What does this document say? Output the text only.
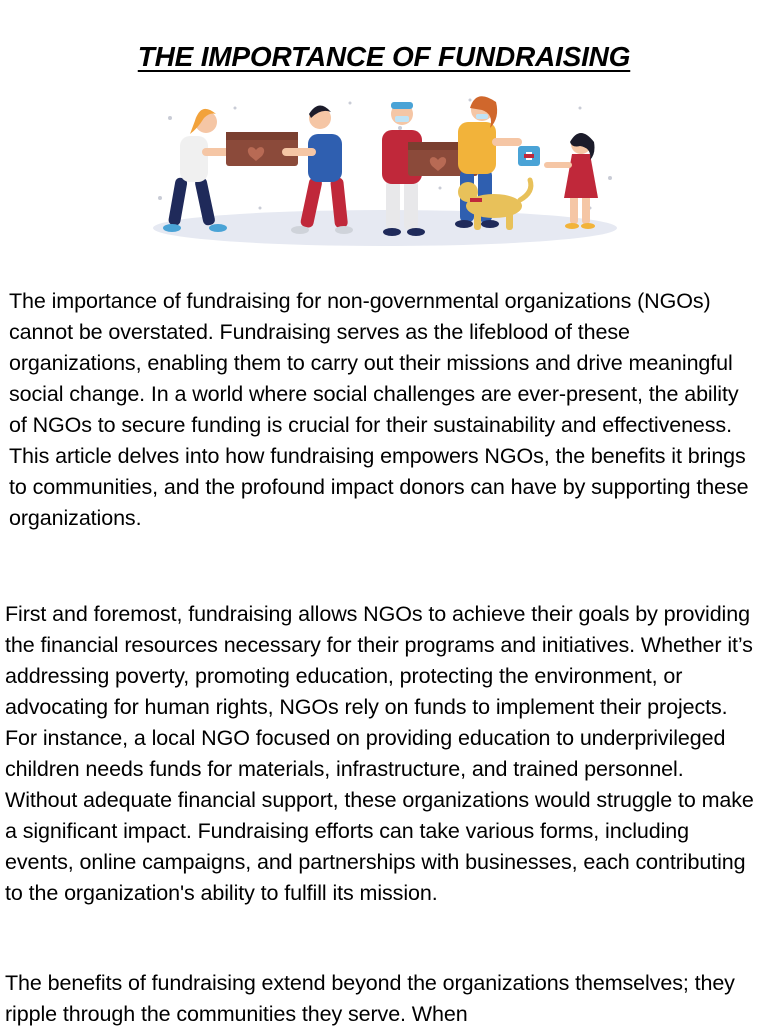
THE IMPORTANCE OF FUNDRAISING

The importance of fundraising for non-governmental organizations (NGOs) cannot be overstated. Fundraising serves as the lifeblood of these organizations, enabling them to carry out their missions and drive meaningful social change. In a world where social challenges are ever-present, the ability of NGOs to secure funding is crucial for their sustainability and effectiveness. This article delves into how fundraising empowers NGOs, the benefits it brings to communities, and the profound impact donors can have by supporting these organizations.

First and foremost, fundraising allows NGOs to achieve their goals by providing the financial resources necessary for their programs and initiatives. Whether it’s addressing poverty, promoting education, protecting the environment, or advocating for human rights, NGOs rely on funds to implement their projects. For instance, a local NGO focused on providing education to underprivileged children needs funds for materials, infrastructure, and trained personnel. Without adequate financial support, these organizations would struggle to make a significant impact. Fundraising efforts can take various forms, including events, online campaigns, and partnerships with businesses, each contributing to the organization's ability to fulfill its mission.

The benefits of fundraising extend beyond the organizations themselves; they ripple through the communities they serve. When
